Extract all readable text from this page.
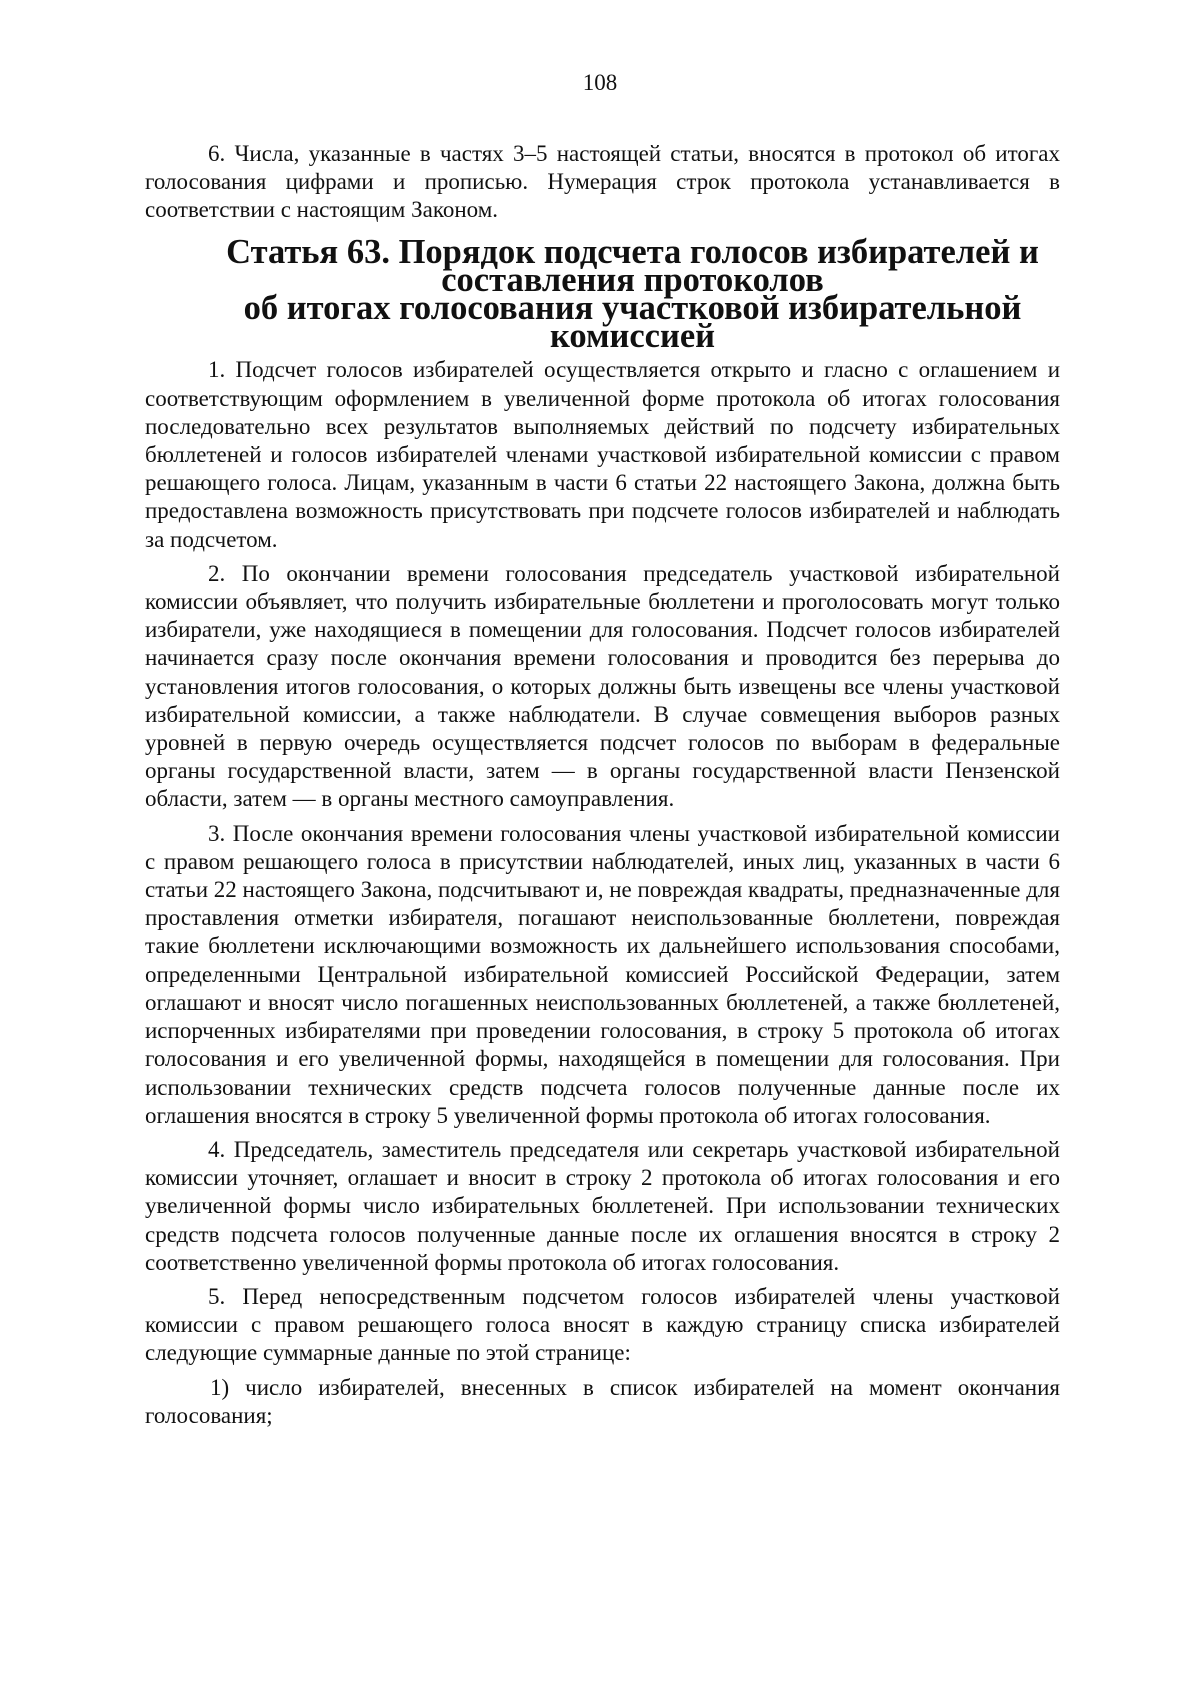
108

6. Числа, указанные в частях 3–5 настоящей статьи, вносятся в протокол об итогах голосования цифрами и прописью. Нумерация строк протокола устанавливается в соответствии с настоящим Законом.

Статья 63. Порядок подсчета голосов избирателей и составления протоколов
об итогах голосования участковой избирательной комиссией

1. Подсчет голосов избирателей осуществляется открыто и гласно с оглашением и соответствующим оформлением в увеличенной форме протокола об итогах голосования последовательно всех результатов выполняемых действий по подсчету избирательных бюллетеней и голосов избирателей членами участковой избирательной комиссии с правом решающего голоса. Лицам, указанным в части 6 статьи 22 настоящего Закона, должна быть предоставлена возможность присутствовать при подсчете голосов избирателей и наблюдать за подсчетом.

2. По окончании времени голосования председатель участковой избирательной комиссии объявляет, что получить избирательные бюллетени и проголосовать могут только избиратели, уже находящиеся в помещении для голосования. Подсчет голосов избирателей начинается сразу после окончания времени голосования и проводится без перерыва до установления итогов голосования, о которых должны быть извещены все члены участковой избирательной комиссии, а также наблюдатели. В случае совмещения выборов разных уровней в первую очередь осуществляется подсчет голосов по выборам в федеральные органы государственной власти, затем — в органы государственной власти Пензенской области, затем — в органы местного самоуправления.

3. После окончания времени голосования члены участковой избирательной комиссии с правом решающего голоса в присутствии наблюдателей, иных лиц, указанных в части 6 статьи 22 настоящего Закона, подсчитывают и, не повреждая квадраты, предназначенные для проставления отметки избирателя, погашают неиспользованные бюллетени, повреждая такие бюллетени исключающими возможность их дальнейшего использования способами, определенными Центральной избирательной комиссией Российской Федерации, затем оглашают и вносят число погашенных неиспользованных бюллетеней, а также бюллетеней, испорченных избирателями при проведении голосования, в строку 5 протокола об итогах голосования и его увеличенной формы, находящейся в помещении для голосования. При использовании технических средств подсчета голосов полученные данные после их оглашения вносятся в строку 5 увеличенной формы протокола об итогах голосования.

4. Председатель, заместитель председателя или секретарь участковой избирательной комиссии уточняет, оглашает и вносит в строку 2 протокола об итогах голосования и его увеличенной формы число избирательных бюллетеней. При использовании технических средств подсчета голосов полученные данные после их оглашения вносятся в строку 2 соответственно увеличенной формы протокола об итогах голосования.

5. Перед непосредственным подсчетом голосов избирателей члены участковой комиссии с правом решающего голоса вносят в каждую страницу списка избирателей следующие суммарные данные по этой странице:

1) число избирателей, внесенных в список избирателей на момент окончания голосования;
